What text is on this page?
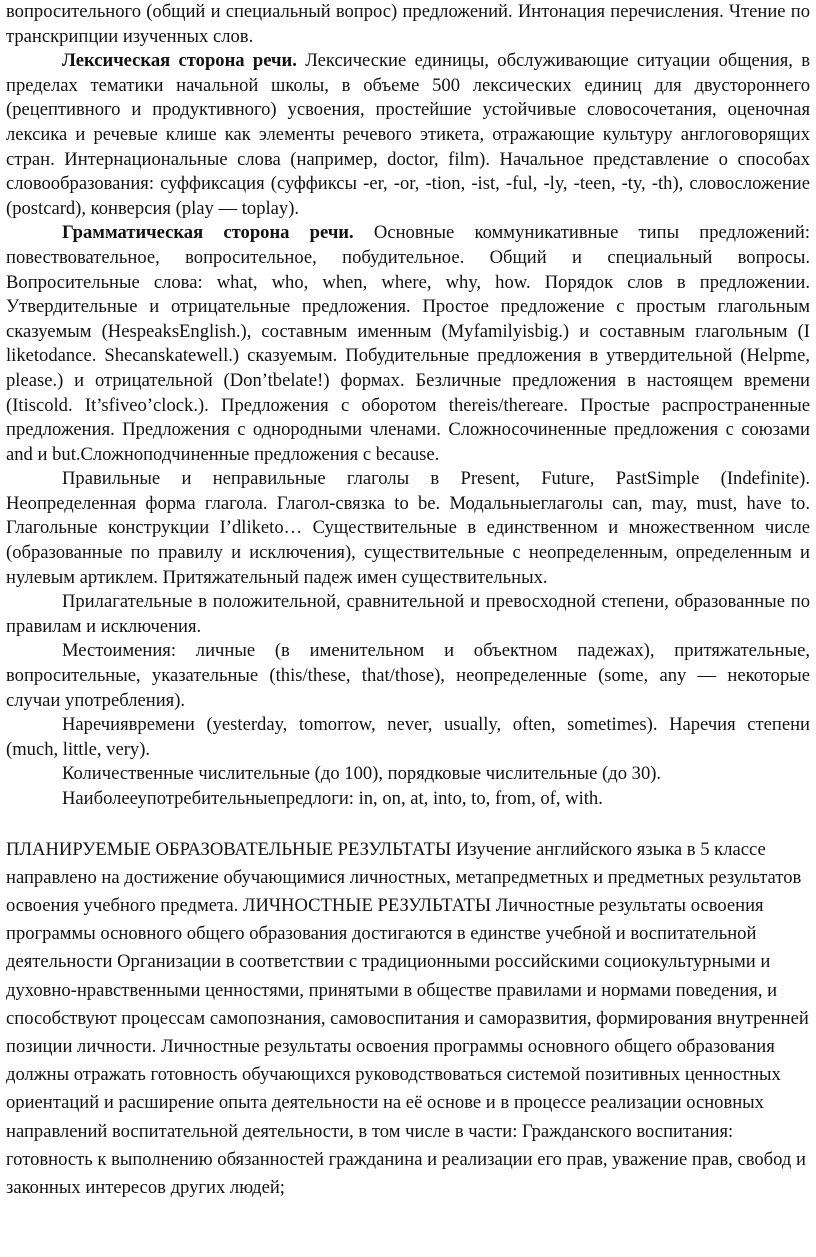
вопросительного (общий и специальный вопрос) предложений. Интонация перечисления. Чтение по транскрипции изученных слов.

Лексическая сторона речи. Лексические единицы, обслуживающие ситуации общения, в пределах тематики начальной школы, в объеме 500 лексических единиц для двустороннего (рецептивного и продуктивного) усвоения, простейшие устойчивые словосочетания, оценочная лексика и речевые клише как элементы речевого этикета, отражающие культуру англоговорящих стран. Интернациональные слова (например, doctor, film). Начальное представление о способах словообразования: суффиксация (суффиксы -er, -or, -tion, -ist, -ful, -ly, -teen, -ty, -th), словосложение (postcard), конверсия (play — toplay).

Грамматическая сторона речи. Основные коммуникативные типы предложений: повествовательное, вопросительное, побудительное. Общий и специальный вопросы. Вопросительные слова: what, who, when, where, why, how. Порядок слов в предложении. Утвердительные и отрицательные предложения. Простое предложение с простым глагольным сказуемым (HespeaksEnglish.), составным именным (Myfamilyisbig.) и составным глагольным (I liketodance. Shecanskatewell.) сказуемым. Побудительные предложения в утвердительной (Helpme, please.) и отрицательной (Don’tbelate!) формах. Безличные предложения в настоящем времени (Itiscold. It’sfiveo’clock.). Предложения с оборотом thereis/thereare. Простые распространенные предложения. Предложения с однородными членами. Сложносочиненные предложения с союзами and и but.Сложноподчиненные предложения с because.

Правильные и неправильные глаголы в Present, Future, PastSimple (Indefinite). Неопределенная форма глагола. Глагол-связка to be. Модальныеглаголы can, may, must, have to. Глагольные конструкции I’dliketo… Существительные в единственном и множественном числе (образованные по правилу и исключения), существительные с неопределенным, определенным и нулевым артиклем. Притяжательный падеж имен существительных.

Прилагательные в положительной, сравнительной и превосходной степени, образованные по правилам и исключения.

Местоимения: личные (в именительном и объектном падежах), притяжательные, вопросительные, указательные (this/these, that/those), неопределенные (some, any — некоторые случаи употребления).

Наречиявремени (yesterday, tomorrow, never, usually, often, sometimes). Наречия степени (much, little, very).

Количественные числительные (до 100), порядковые числительные (до 30).

Наиболееупотребительныепредлоги: in, on, at, into, to, from, of, with.

ПЛАНИРУЕМЫЕ ОБРАЗОВАТЕЛЬНЫЕ РЕЗУЛЬТАТЫ Изучение английского языка в 5 классе направлено на достижение обучающимися личностных, метапредметных и предметных результатов освоения учебного предмета. ЛИЧНОСТНЫЕ РЕЗУЛЬТАТЫ Личностные результаты освоения программы основного общего образования достигаются в единстве учебной и воспитательной деятельности Организации в соответствии с традиционными российскими социокультурными и духовно-нравственными ценностями, принятыми в обществе правилами и нормами поведения, и способствуют процессам самопознания, самовоспитания и саморазвития, формирования внутренней позиции личности. Личностные результаты освоения программы основного общего образования должны отражать готовность обучающихся руководствоваться системой позитивных ценностных ориентаций и расширение опыта деятельности на её основе и в процессе реализации основных направлений воспитательной деятельности, в том числе в части: Гражданского воспитания: готовность к выполнению обязанностей гражданина и реализации его прав, уважение прав, свобод и законных интересов других людей;
